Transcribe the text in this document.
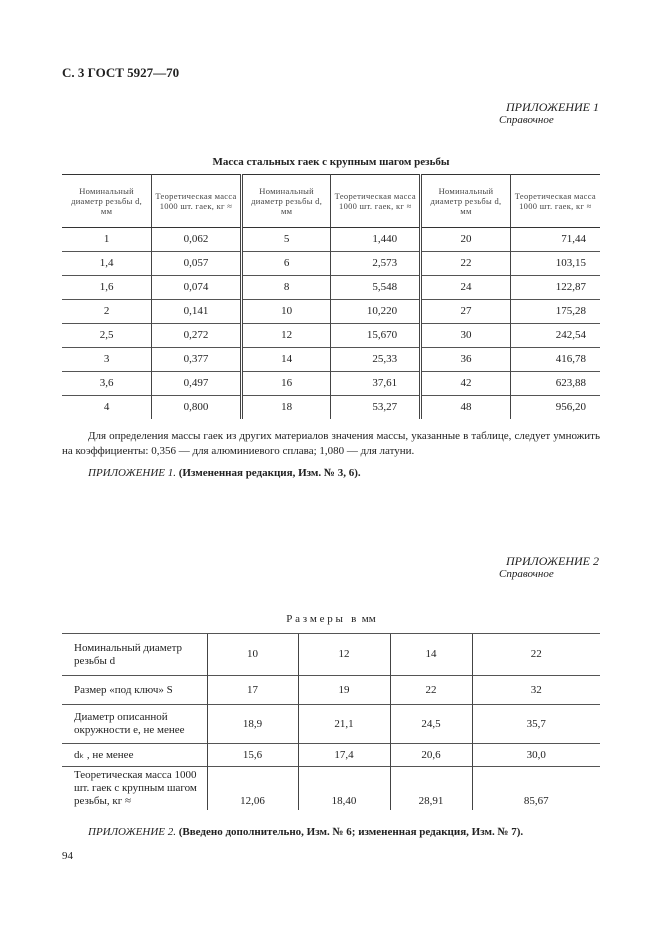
С. 3 ГОСТ 5927—70
ПРИЛОЖЕНИЕ 1
Справочное
Масса стальных гаек с крупным шагом резьбы
Номинальный диаметр резьбы d, мм	Теоретическая масса 1000 шт. гаек, кг ≈	Номинальный диаметр резьбы d, мм	Теоретическая масса 1000 шт. гаек, кг ≈	Номинальный диаметр резьбы d, мм	Теоретическая масса 1000 шт. гаек, кг ≈
1	0,062	5	1,440	20	71,44
1,4	0,057	6	2,573	22	103,15
1,6	0,074	8	5,548	24	122,87
2	0,141	10	10,220	27	175,28
2,5	0,272	12	15,670	30	242,54
3	0,377	14	25,33	36	416,78
3,6	0,497	16	37,61	42	623,88
4	0,800	18	53,27	48	956,20
Для определения массы гаек из других материалов значения массы, указанные в таблице, следует умножить на коэффициенты: 0,356 — для алюминиевого сплава; 1,080 — для латуни.
ПРИЛОЖЕНИЕ 1. (Измененная редакция, Изм. № 3, 6).
ПРИЛОЖЕНИЕ 2
Справочное
Р а з м е р ы   в  мм
Номинальный диаметр резьбы d	10	12	14	22
Размер «под ключ» S	17	19	22	32
Диаметр описанной окружности e, не менее	18,9	21,1	24,5	35,7
dₖ , не менее	15,6	17,4	20,6	30,0
Теоретическая масса 1000 шт. гаек с крупным шагом резьбы, кг ≈	12,06	18,40	28,91	85,67
ПРИЛОЖЕНИЕ 2. (Введено дополнительно, Изм. № 6; измененная редакция, Изм. № 7).
94
